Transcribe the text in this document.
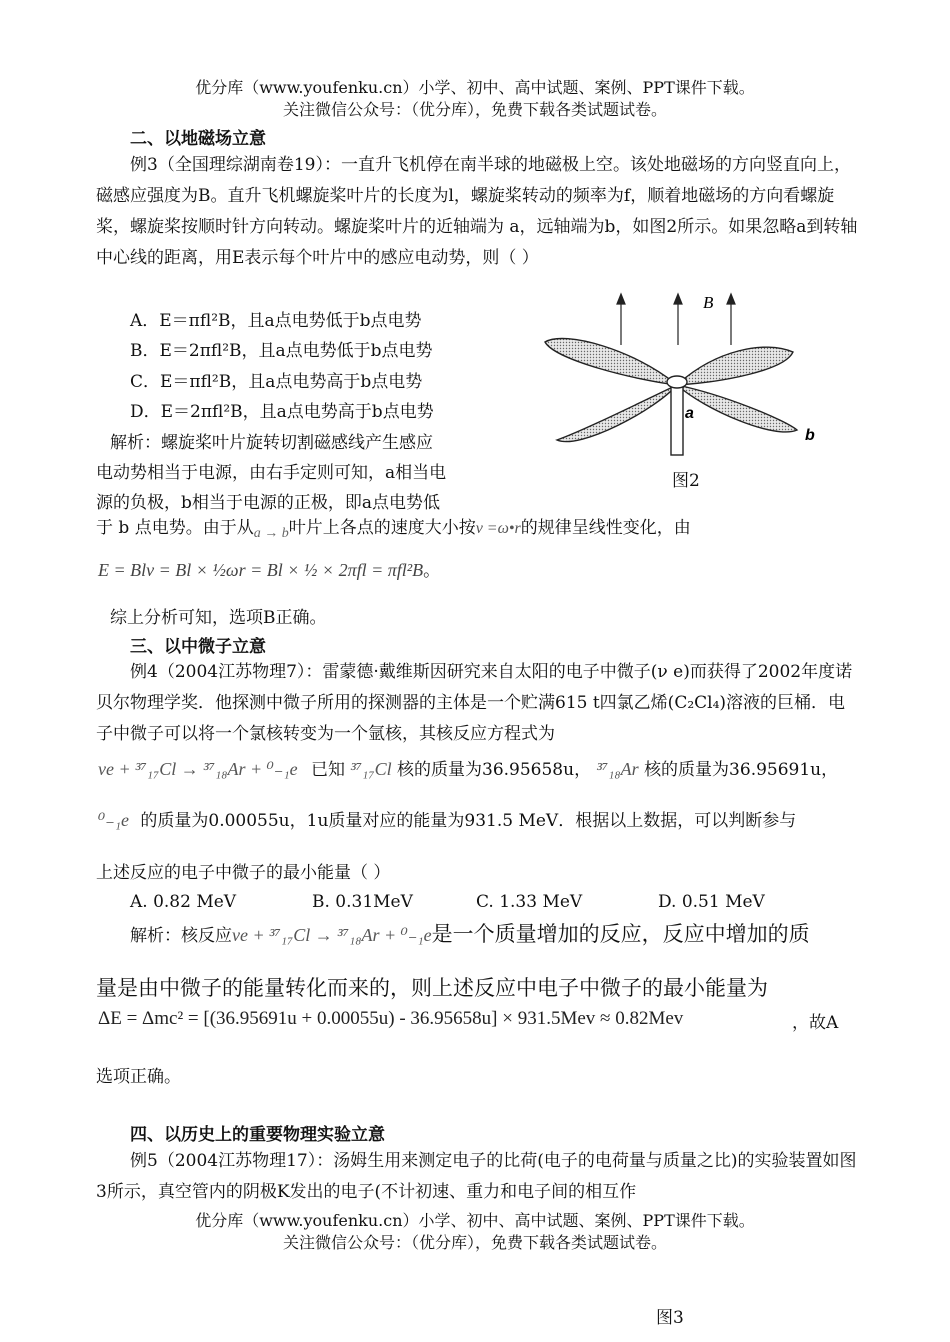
优分库（www.youfenku.cn）小学、初中、高中试题、案例、PPT课件下载。
关注微信公众号：（优分库），免费下载各类试题试卷。
二、以地磁场立意
例3（全国理综湖南卷19）：一直升飞机停在南半球的地磁极上空。该处地磁场的方向竖直向上，磁感应强度为B。直升飞机螺旋桨叶片的长度为l，螺旋桨转动的频率为f，顺着地磁场的方向看螺旋桨，螺旋桨按顺时针方向转动。螺旋桨叶片的近轴端为 a，远轴端为b，如图2所示。如果忽略a到转轴中心线的距离，用E表示每个叶片中的感应电动势，则（ ）
A．E＝πfl²B，且a点电势低于b点电势
B．E＝2πfl²B，且a点电势低于b点电势
C．E＝πfl²B，且a点电势高于b点电势
D．E＝2πfl²B，且a点电势高于b点电势
解析：螺旋桨叶片旋转切割磁感线产生感应
电动势相当于电源，由右手定则可知，a相当电
源的负极，b相当于电源的正极，即a点电势低
于 b 点电势。由于从$_{a \to b}$叶片上各点的速度大小按v =ω•r的规律呈线性变化，由
E = Blv = Bl × ½ωr = Bl × ½ × 2πfl = πfl²B。
综上分析可知，选项B正确。
B
a
b
图2
三、以中微子立意
例4（2004江苏物理7）：雷蒙德·戴维斯因研究来自太阳的电子中微子(ν e)而获得了2002年度诺贝尔物理学奖．他探测中微子所用的探测器的主体是一个贮满615 t四氯乙烯(C₂Cl₄)溶液的巨桶．电子中微子可以将一个氯核转变为一个氩核，其核反应方程式为
νe + ³⁷₁₇Cl → ³⁷₁₈Ar + ⁰₋₁e 已知 ³⁷₁₇Cl 核的质量为36.95658u， ³⁷₁₈Ar 核的质量为36.95691u，
⁰₋₁e 的质量为0.00055u，1u质量对应的能量为931.5 MeV．根据以上数据，可以判断参与
上述反应的电子中微子的最小能量（ ）
A. 0.82 MeV	B. 0.31MeV	C. 1.33 MeV	D. 0.51 MeV
解析：核反应νe + ³⁷₁₇Cl → ³⁷₁₈Ar + ⁰₋₁e是一个质量增加的反应，反应中增加的质
量是由中微子的能量转化而来的，则上述反应中电子中微子的最小能量为
ΔE = Δmc² = [(36.95691u + 0.00055u) - 36.95658u] × 931.5Mev ≈ 0.82Mev	，故A
选项正确。
四、以历史上的重要物理实验立意
例5（2004江苏物理17）：汤姆生用来测定电子的比荷(电子的电荷量与质量之比)的实验装置如图3所示，真空管内的阴极K发出的电子(不计初速、重力和电子间的相互作
优分库（www.youfenku.cn）小学、初中、高中试题、案例、PPT课件下载。
关注微信公众号：（优分库），免费下载各类试题试卷。
图3
